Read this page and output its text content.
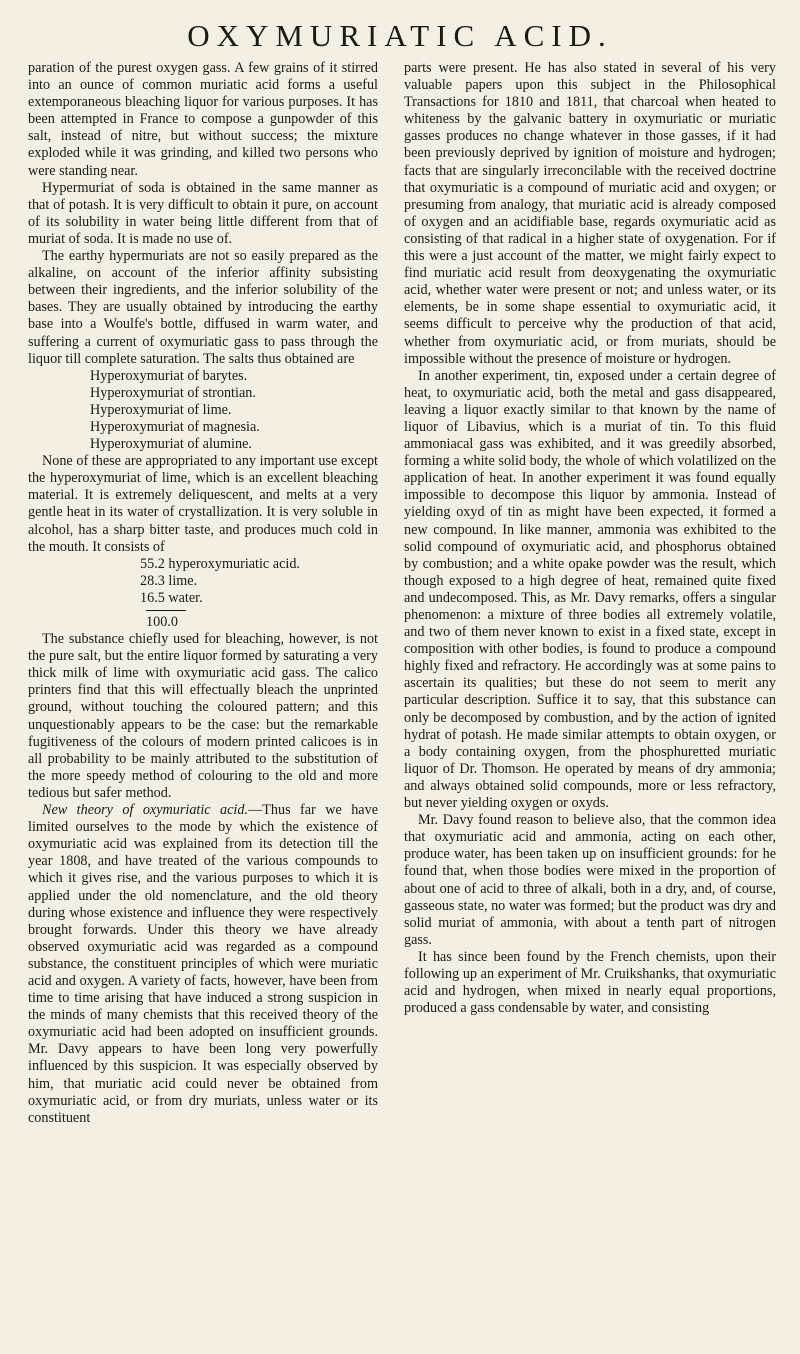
OXYMURIATIC ACID.

paration of the purest oxygen gass. A few grains of it stirred into an ounce of common muriatic acid forms a useful extemporaneous bleaching liquor for various purposes. It has been attempted in France to compose a gunpowder of this salt, instead of nitre, but without success; the mixture exploded while it was grinding, and killed two persons who were standing near.

Hypermuriat of soda is obtained in the same manner as that of potash. It is very difficult to obtain it pure, on account of its solubility in water being little different from that of muriat of soda. It is made no use of.

The earthy hypermuriats are not so easily prepared as the alkaline, on account of the inferior affinity subsisting between their ingredients, and the inferior solubility of the bases. They are usually obtained by introducing the earthy base into a Woulfe's bottle, diffused in warm water, and suffering a current of oxymuriatic gass to pass through the liquor till complete saturation. The salts thus obtained are

Hyperoxymuriat of barytes.
Hyperoxymuriat of strontian.
Hyperoxymuriat of lime.
Hyperoxymuriat of magnesia.
Hyperoxymuriat of alumine.

None of these are appropriated to any important use except the hyperoxymuriat of lime, which is an excellent bleaching material. It is extremely deliquescent, and melts at a very gentle heat in its water of crystallization. It is very soluble in alcohol, has a sharp bitter taste, and produces much cold in the mouth. It consists of

55.2 hyperoxymuriatic acid.
28.3 lime.
16.5 water.
100.0

The substance chiefly used for bleaching, however, is not the pure salt, but the entire liquor formed by saturating a very thick milk of lime with oxymuriatic acid gass. The calico printers find that this will effectually bleach the unprinted ground, without touching the coloured pattern; and this unquestionably appears to be the case: but the remarkable fugitiveness of the colours of modern printed calicoes is in all probability to be mainly attributed to the substitution of the more speedy method of colouring to the old and more tedious but safer method.

New theory of oxymuriatic acid.—Thus far we have limited ourselves to the mode by which the existence of oxymuriatic acid was explained from its detection till the year 1808, and have treated of the various compounds to which it gives rise, and the various purposes to which it is applied under the old nomenclature, and the old theory during whose existence and influence they were respectively brought forwards. Under this theory we have already observed oxymuriatic acid was regarded as a compound substance, the constituent principles of which were muriatic acid and oxygen. A variety of facts, however, have been from time to time arising that have induced a strong suspicion in the minds of many chemists that this received theory of the oxymuriatic acid had been adopted on insufficient grounds. Mr. Davy appears to have been long very powerfully influenced by this suspicion. It was especially observed by him, that muriatic acid could never be obtained from oxymuriatic acid, or from dry muriats, unless water or its constituent

parts were present. He has also stated in several of his very valuable papers upon this subject in the Philosophical Transactions for 1810 and 1811, that charcoal when heated to whiteness by the galvanic battery in oxymuriatic or muriatic gasses produces no change whatever in those gasses, if it had been previously deprived by ignition of moisture and hydrogen; facts that are singularly irreconcilable with the received doctrine that oxymuriatic is a compound of muriatic acid and oxygen; or presuming from analogy, that muriatic acid is already composed of oxygen and an acidifiable base, regards oxymuriatic acid as consisting of that radical in a higher state of oxygenation. For if this were a just account of the matter, we might fairly expect to find muriatic acid result from deoxygenating the oxymuriatic acid, whether water were present or not; and unless water, or its elements, be in some shape essential to oxymuriatic acid, it seems difficult to perceive why the production of that acid, whether from oxymuriatic acid, or from muriats, should be impossible without the presence of moisture or hydrogen.

In another experiment, tin, exposed under a certain degree of heat, to oxymuriatic acid, both the metal and gass disappeared, leaving a liquor exactly similar to that known by the name of liquor of Libavius, which is a muriat of tin. To this fluid ammoniacal gass was exhibited, and it was greedily absorbed, forming a white solid body, the whole of which volatilized on the application of heat. In another experiment it was found equally impossible to decompose this liquor by ammonia. Instead of yielding oxyd of tin as might have been expected, it formed a new compound. In like manner, ammonia was exhibited to the solid compound of oxymuriatic acid, and phosphorus obtained by combustion; and a white opake powder was the result, which though exposed to a high degree of heat, remained quite fixed and undecomposed. This, as Mr. Davy remarks, offers a singular phenomenon: a mixture of three bodies all extremely volatile, and two of them never known to exist in a fixed state, except in composition with other bodies, is found to produce a compound highly fixed and refractory. He accordingly was at some pains to ascertain its qualities; but these do not seem to merit any particular description. Suffice it to say, that this substance can only be decomposed by combustion, and by the action of ignited hydrat of potash. He made similar attempts to obtain oxygen, or a body containing oxygen, from the phosphuretted muriatic liquor of Dr. Thomson. He operated by means of dry ammonia; and always obtained solid compounds, more or less refractory, but never yielding oxygen or oxyds.

Mr. Davy found reason to believe also, that the common idea that oxymuriatic acid and ammonia, acting on each other, produce water, has been taken up on insufficient grounds: for he found that, when those bodies were mixed in the proportion of about one of acid to three of alkali, both in a dry, and, of course, gasseous state, no water was formed; but the product was dry and solid muriat of ammonia, with about a tenth part of nitrogen gass.

It has since been found by the French chemists, upon their following up an experiment of Mr. Cruikshanks, that oxymuriatic acid and hydrogen, when mixed in nearly equal proportions, produced a gass condensable by water, and consisting
